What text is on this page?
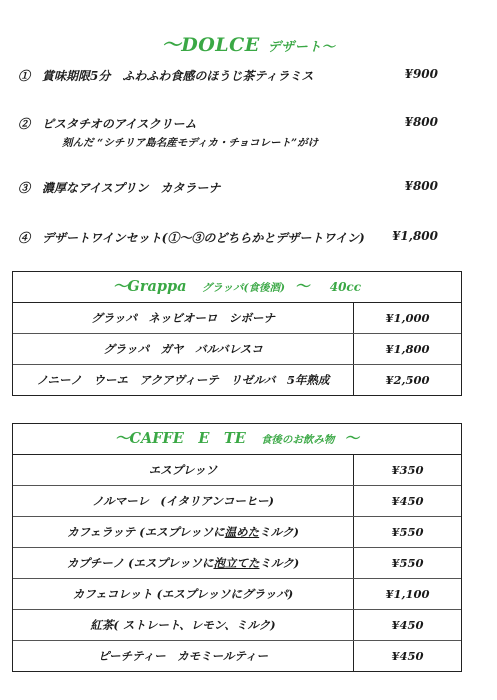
～DOLCE デザート～
①　賞味期限5分　ふわふわ食感のほうじ茶ティラミス	¥900
②　ピスタチオのアイスクリーム	¥800
刻んだ “シチリア島名産モディカ・チョコレート”がけ
③　濃厚なアイスプリン　カタラーナ	¥800
④　デザートワインセット(①～③のどちらかとデザートワイン) ¥1,800
～Grappa グラッパ(食後酒) ～ 40cc
グラッパ　ネッビオーロ　シボーナ	¥1,000
グラッパ　ガヤ　バルバレスコ	¥1,800
ノニーノ　ウーエ　アクアヴィーテ　リゼルバ　5年熟成	¥2,500
～CAFFE　E　TE 食後のお飲み物 ～
エスプレッソ	¥350
ノルマーレ　(イタリアンコーヒー)	¥450
カフェラッテ (エスプレッソに温めたミルク)	¥550
カプチーノ (エスプレッソに泡立てたミルク)	¥550
カフェコレット (エスプレッソにグラッパ)	¥1,100
紅茶( ストレート、レモン、ミルク)	¥450
ピーチティー　カモミールティー	¥450
